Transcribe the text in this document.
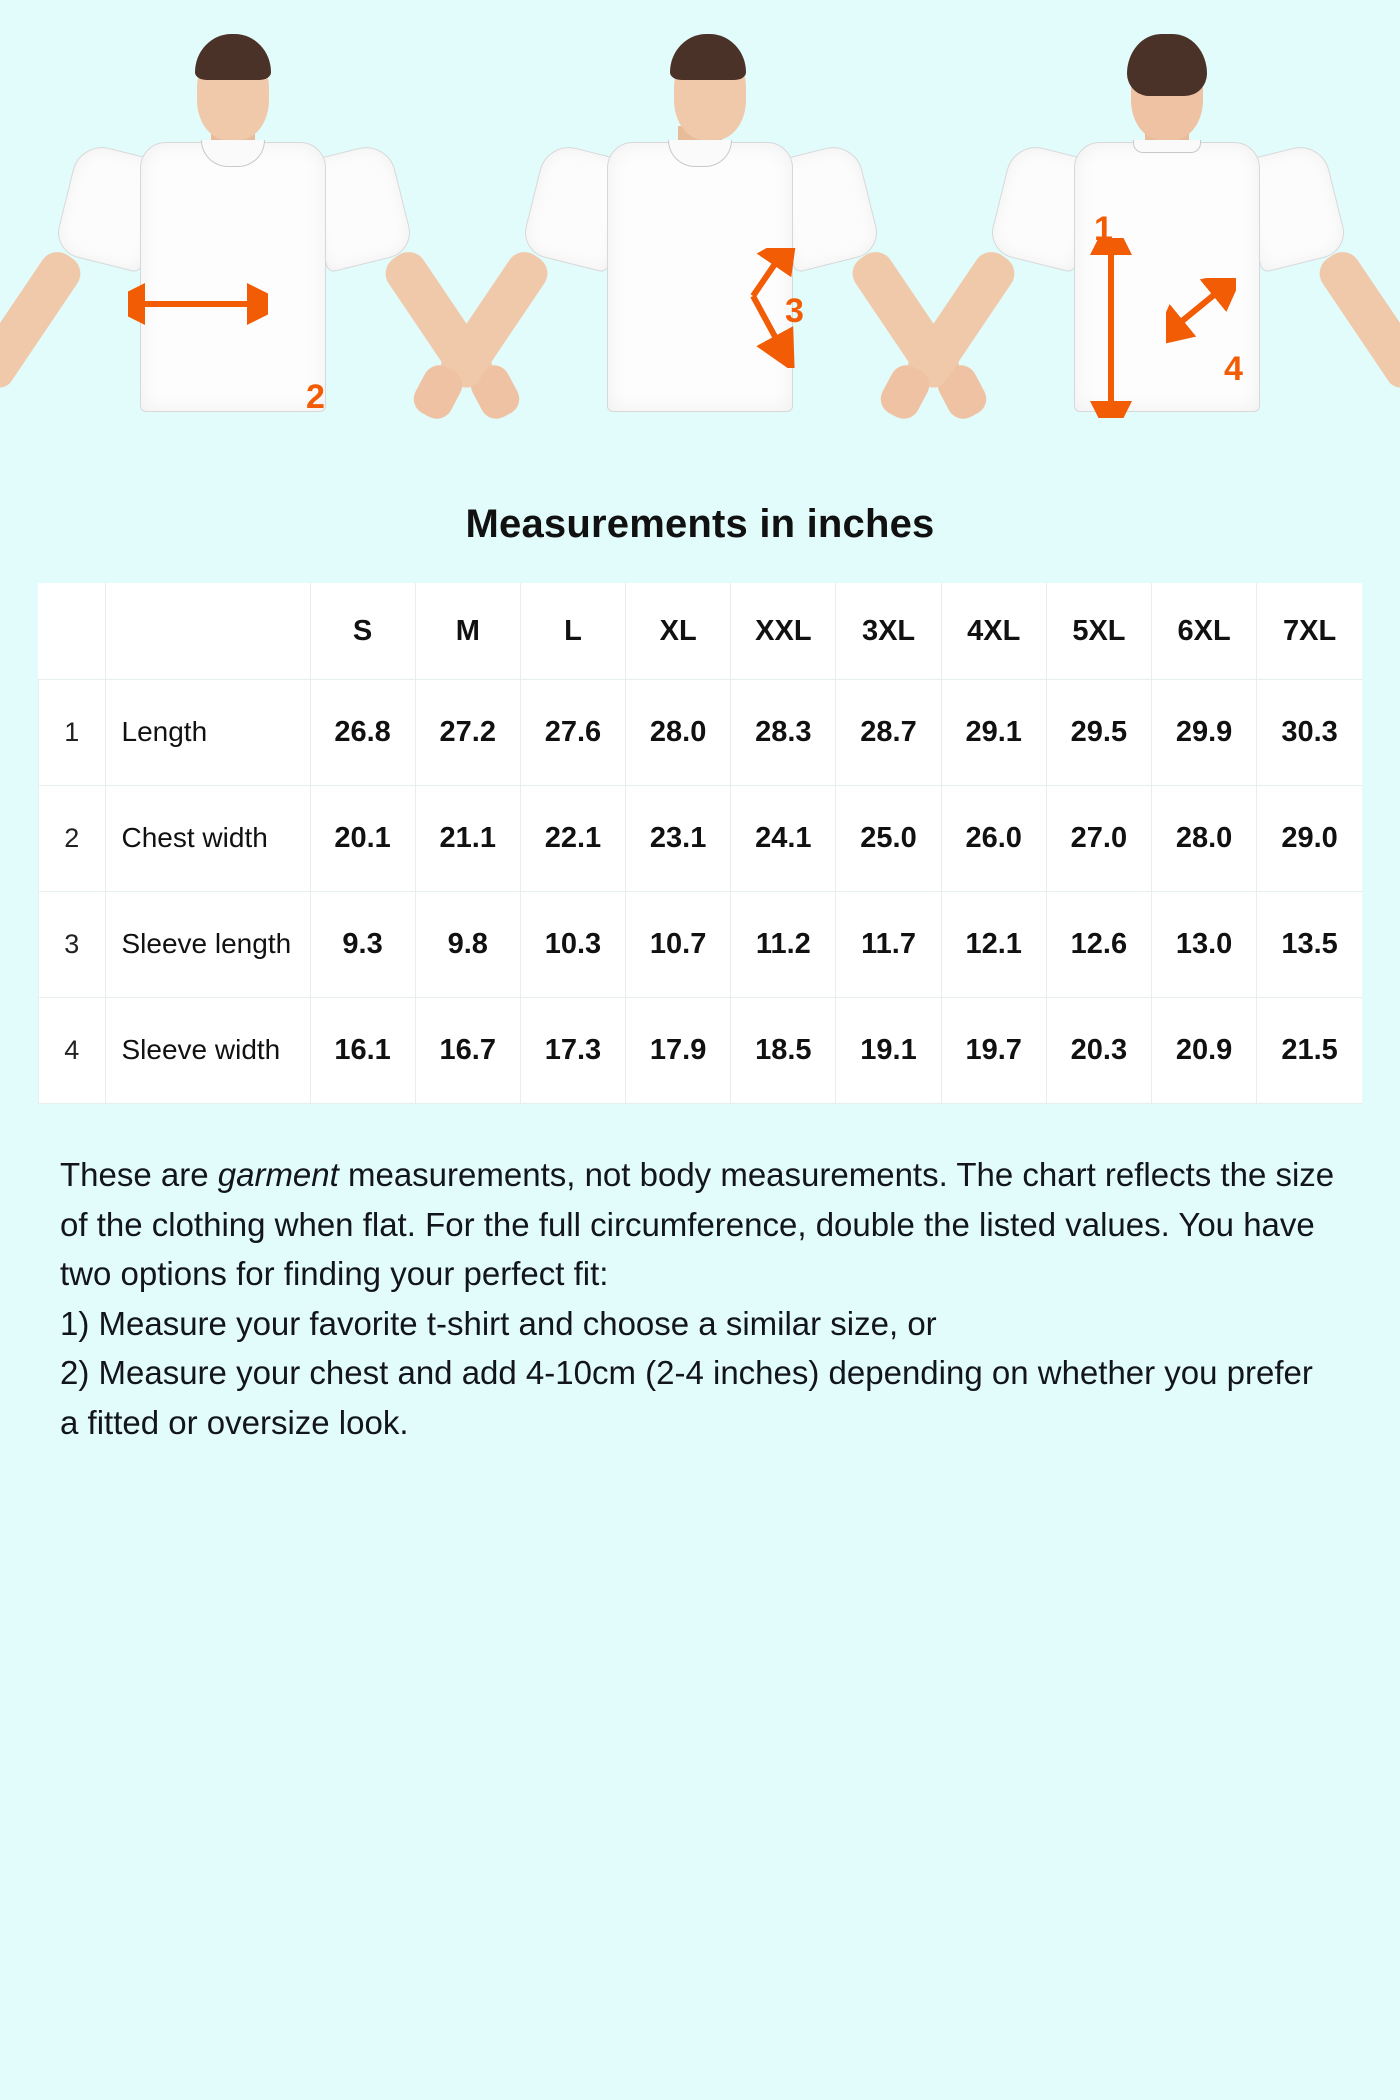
2
3
1
4
Measurements in inches
		S	M	L	XL	XXL	3XL	4XL	5XL	6XL	7XL
1	Length	26.8	27.2	27.6	28.0	28.3	28.7	29.1	29.5	29.9	30.3
2	Chest width	20.1	21.1	22.1	23.1	24.1	25.0	26.0	27.0	28.0	29.0
3	Sleeve length	9.3	9.8	10.3	10.7	11.2	11.7	12.1	12.6	13.0	13.5
4	Sleeve width	16.1	16.7	17.3	17.9	18.5	19.1	19.7	20.3	20.9	21.5

These are garment measurements, not body measurements. The chart reflects the size of the clothing when flat. For the full circumference, double the listed values. You have two options for finding your perfect fit:

1) Measure your favorite t-shirt and choose a similar size, or

2) Measure your chest and add 4-10cm (2-4 inches) depending on whether you prefer a fitted or oversize look.
